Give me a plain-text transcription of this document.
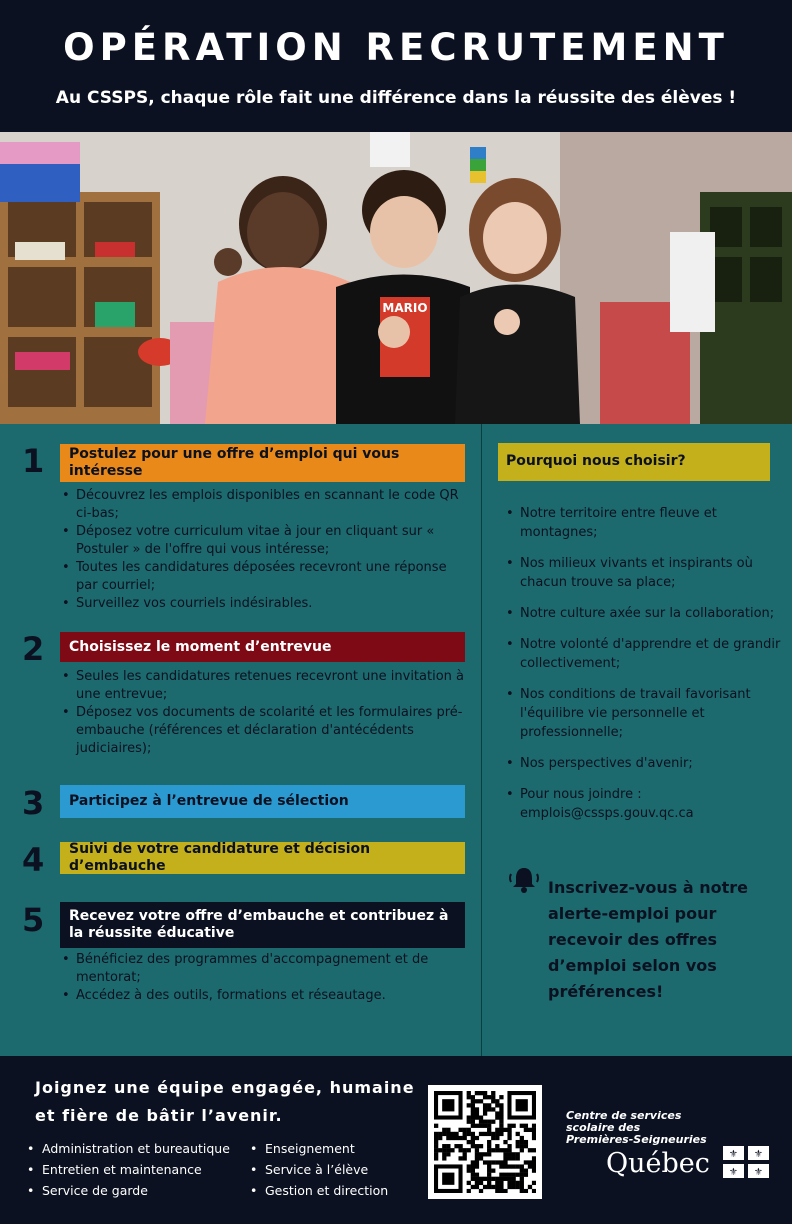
OPÉRATION RECRUTEMENT
Au CSSPS, chaque rôle fait une différence dans la réussite des élèves !
MARIO
1	Postulez pour une offre d’emploi qui vous intéresse
• Découvrez les emplois disponibles en scannant le code QR ci-bas;
• Déposez votre curriculum vitae à jour en cliquant sur « Postuler » de l'offre qui vous intéresse;
• Toutes les candidatures déposées recevront une réponse par courriel;
• Surveillez vos courriels indésirables.
2	Choisissez le moment d’entrevue
• Seules les candidatures retenues recevront une invitation à une entrevue;
• Déposez vos documents de scolarité et les formulaires pré-embauche (références et déclaration d'antécédents judiciaires);
3	Participez à l’entrevue de sélection
4	Suivi de votre candidature et décision d’embauche
5	Recevez votre offre d’embauche et contribuez à la réussite éducative
• Bénéficiez des programmes d'accompagnement et de mentorat;
• Accédez à des outils, formations et réseautage.
Pourquoi nous choisir?
• Notre territoire entre fleuve et montagnes;
• Nos milieux vivants et inspirants où chacun trouve sa place;
• Notre culture axée sur la collaboration;
• Notre volonté d'apprendre et de grandir collectivement;
• Nos conditions de travail favorisant l'équilibre vie personnelle et professionnelle;
• Nos perspectives d'avenir;
• Pour nous joindre : emplois@cssps.gouv.qc.ca
Inscrivez-vous à notre alerte-emploi pour recevoir des offres d’emploi selon vos préférences!
Joignez une équipe engagée, humaine
et fière de bâtir l’avenir.
• Administration et bureautique
• Entretien et maintenance
• Service de garde
• Enseignement
• Service à l’élève
• Gestion et direction
Centre de services
scolaire des
Premières-Seigneuries
Québec ⚜ ⚜
⚜ ⚜
